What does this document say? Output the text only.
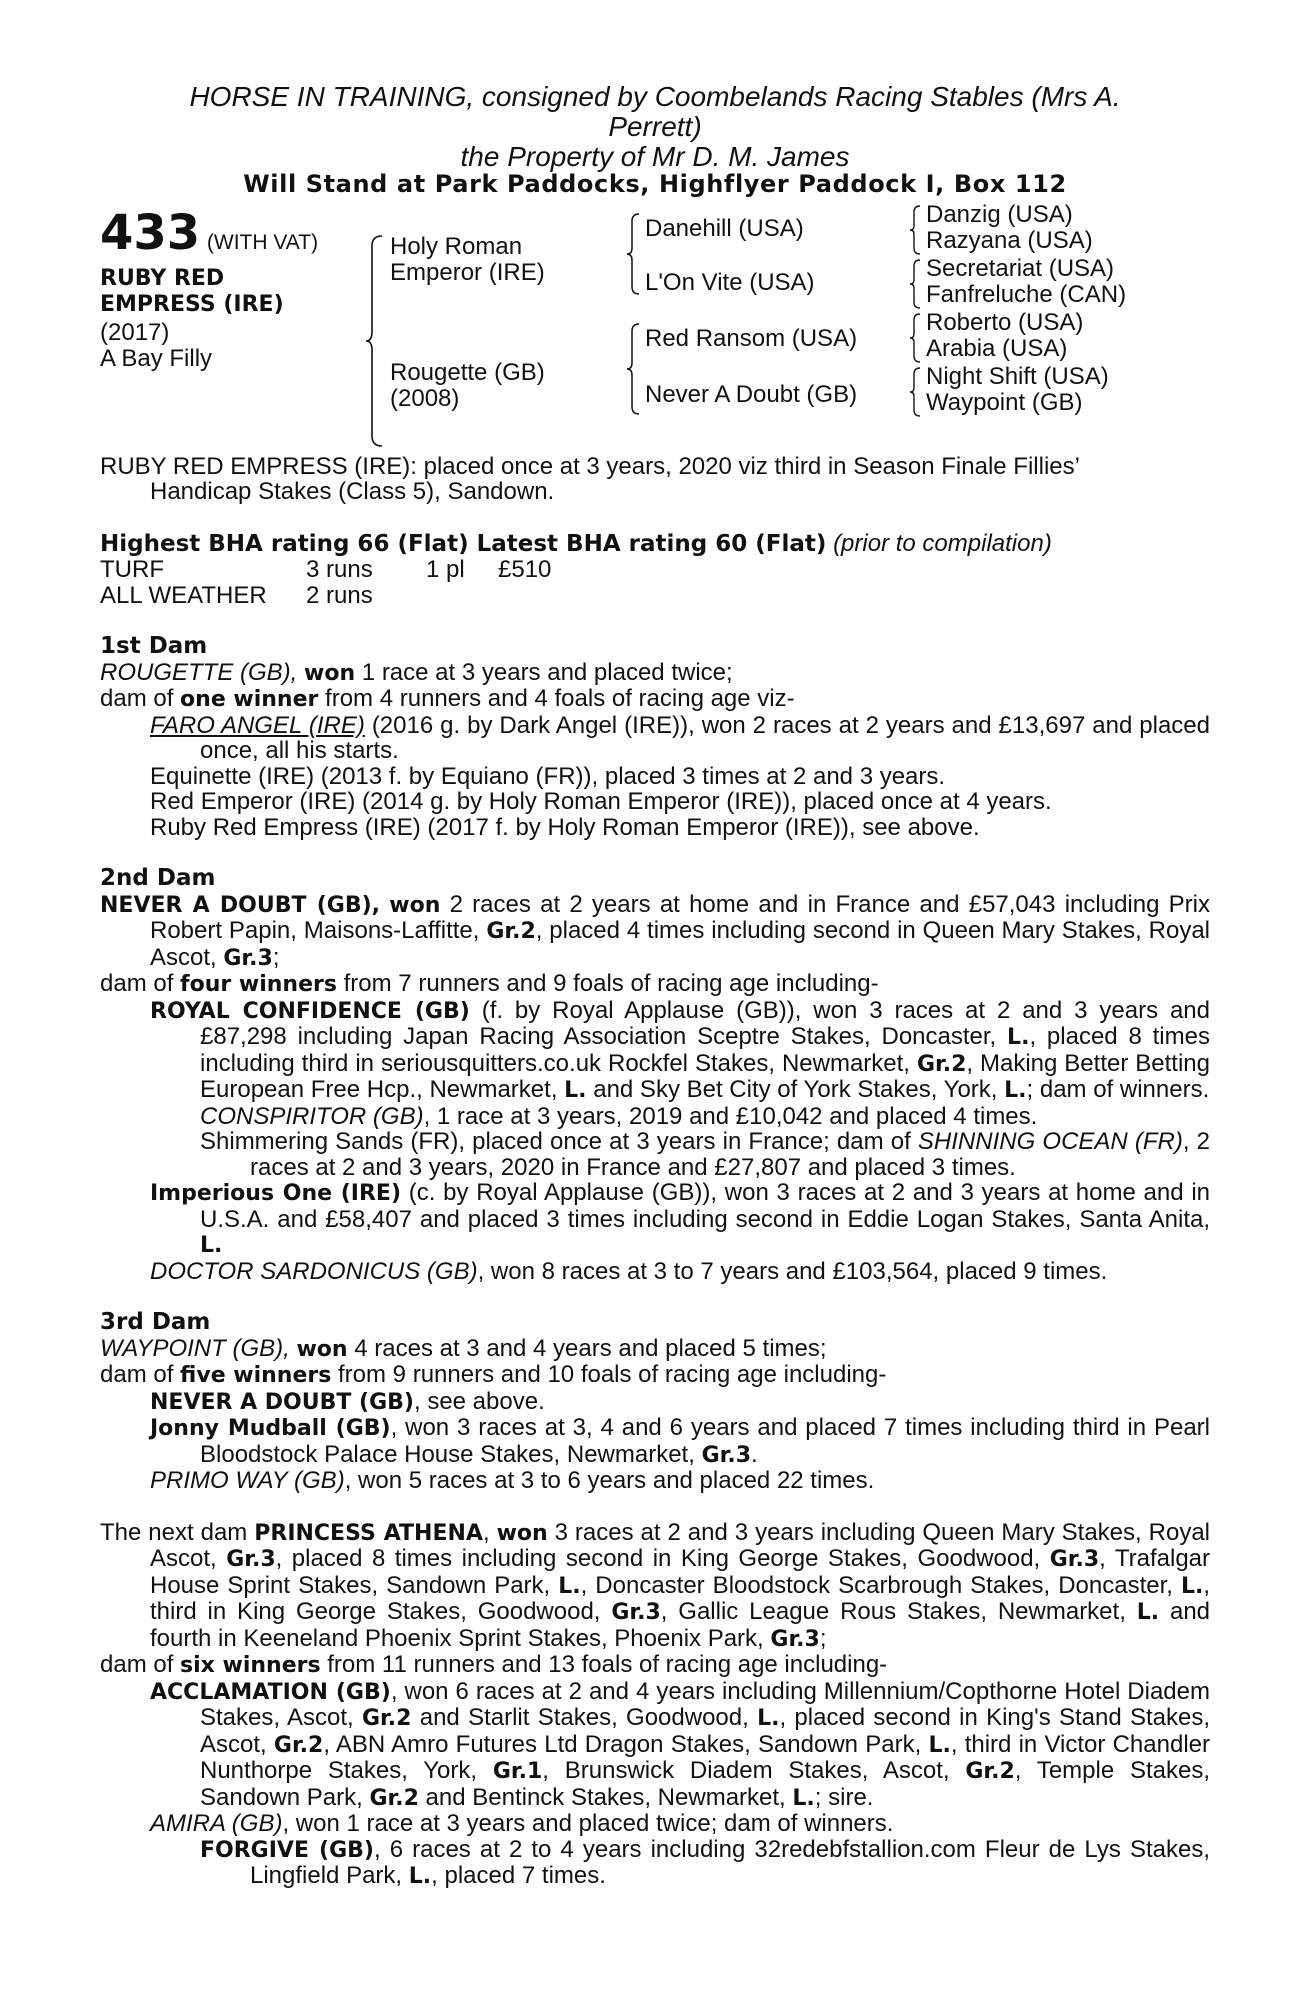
HORSE IN TRAINING, consigned by Coombelands Racing Stables (Mrs A.
Perrett)
the Property of Mr D. M. James
Will Stand at Park Paddocks, Highflyer Paddock I, Box 112
433 (WITH VAT)
RUBY RED
EMPRESS (IRE)
(2017)
A Bay Filly
Holy Roman
Emperor (IRE)
Rougette (GB)
(2008)
Danehill (USA)
L'On Vite (USA)
Red Ransom (USA)
Never A Doubt (GB)
Danzig (USA)
Razyana (USA)
Secretariat (USA)
Fanfreluche (CAN)
Roberto (USA)
Arabia (USA)
Night Shift (USA)
Waypoint (GB)
RUBY RED EMPRESS (IRE): placed once at 3 years, 2020 viz third in Season Finale Fillies’
Handicap Stakes (Class 5), Sandown.
Highest BHA rating 66 (Flat) Latest BHA rating 60 (Flat) (prior to compilation)
TURF	3 runs 1 pl £510
ALL WEATHER 2 runs
1st Dam
ROUGETTE (GB), won 1 race at 3 years and placed twice;
dam of one winner from 4 runners and 4 foals of racing age viz-
FARO ANGEL (IRE) (2016 g. by Dark Angel (IRE)), won 2 races at 2 years and £13,697 and placed once, all his starts.
Equinette (IRE) (2013 f. by Equiano (FR)), placed 3 times at 2 and 3 years.
Red Emperor (IRE) (2014 g. by Holy Roman Emperor (IRE)), placed once at 4 years.
Ruby Red Empress (IRE) (2017 f. by Holy Roman Emperor (IRE)), see above.
2nd Dam
NEVER A DOUBT (GB), won 2 races at 2 years at home and in France and £57,043 including Prix Robert Papin, Maisons-Laffitte, Gr.2, placed 4 times including second in Queen Mary Stakes, Royal Ascot, Gr.3;
dam of four winners from 7 runners and 9 foals of racing age including-
ROYAL CONFIDENCE (GB) (f. by Royal Applause (GB)), won 3 races at 2 and 3 years and £87,298 including Japan Racing Association Sceptre Stakes, Doncaster, L., placed 8 times including third in seriousquitters.co.uk Rockfel Stakes, Newmarket, Gr.2, Making Better Betting European Free Hcp., Newmarket, L. and Sky Bet City of York Stakes, York, L.; dam of winners.
CONSPIRITOR (GB), 1 race at 3 years, 2019 and £10,042 and placed 4 times.
Shimmering Sands (FR), placed once at 3 years in France; dam of SHINNING OCEAN (FR), 2 races at 2 and 3 years, 2020 in France and £27,807 and placed 3 times.
Imperious One (IRE) (c. by Royal Applause (GB)), won 3 races at 2 and 3 years at home and in U.S.A. and £58,407 and placed 3 times including second in Eddie Logan Stakes, Santa Anita, L.
DOCTOR SARDONICUS (GB), won 8 races at 3 to 7 years and £103,564, placed 9 times.
3rd Dam
WAYPOINT (GB), won 4 races at 3 and 4 years and placed 5 times;
dam of five winners from 9 runners and 10 foals of racing age including-
NEVER A DOUBT (GB), see above.
Jonny Mudball (GB), won 3 races at 3, 4 and 6 years and placed 7 times including third in Pearl Bloodstock Palace House Stakes, Newmarket, Gr.3.
PRIMO WAY (GB), won 5 races at 3 to 6 years and placed 22 times.
The next dam PRINCESS ATHENA, won 3 races at 2 and 3 years including Queen Mary Stakes, Royal Ascot, Gr.3, placed 8 times including second in King George Stakes, Goodwood, Gr.3, Trafalgar House Sprint Stakes, Sandown Park, L., Doncaster Bloodstock Scarbrough Stakes, Doncaster, L., third in King George Stakes, Goodwood, Gr.3, Gallic League Rous Stakes, Newmarket, L. and fourth in Keeneland Phoenix Sprint Stakes, Phoenix Park, Gr.3;
dam of six winners from 11 runners and 13 foals of racing age including-
ACCLAMATION (GB), won 6 races at 2 and 4 years including Millennium/Copthorne Hotel Diadem Stakes, Ascot, Gr.2 and Starlit Stakes, Goodwood, L., placed second in King's Stand Stakes, Ascot, Gr.2, ABN Amro Futures Ltd Dragon Stakes, Sandown Park, L., third in Victor Chandler Nunthorpe Stakes, York, Gr.1, Brunswick Diadem Stakes, Ascot, Gr.2, Temple Stakes, Sandown Park, Gr.2 and Bentinck Stakes, Newmarket, L.; sire.
AMIRA (GB), won 1 race at 3 years and placed twice; dam of winners.
FORGIVE (GB), 6 races at 2 to 4 years including 32redebfstallion.com Fleur de Lys Stakes, Lingfield Park, L., placed 7 times.
